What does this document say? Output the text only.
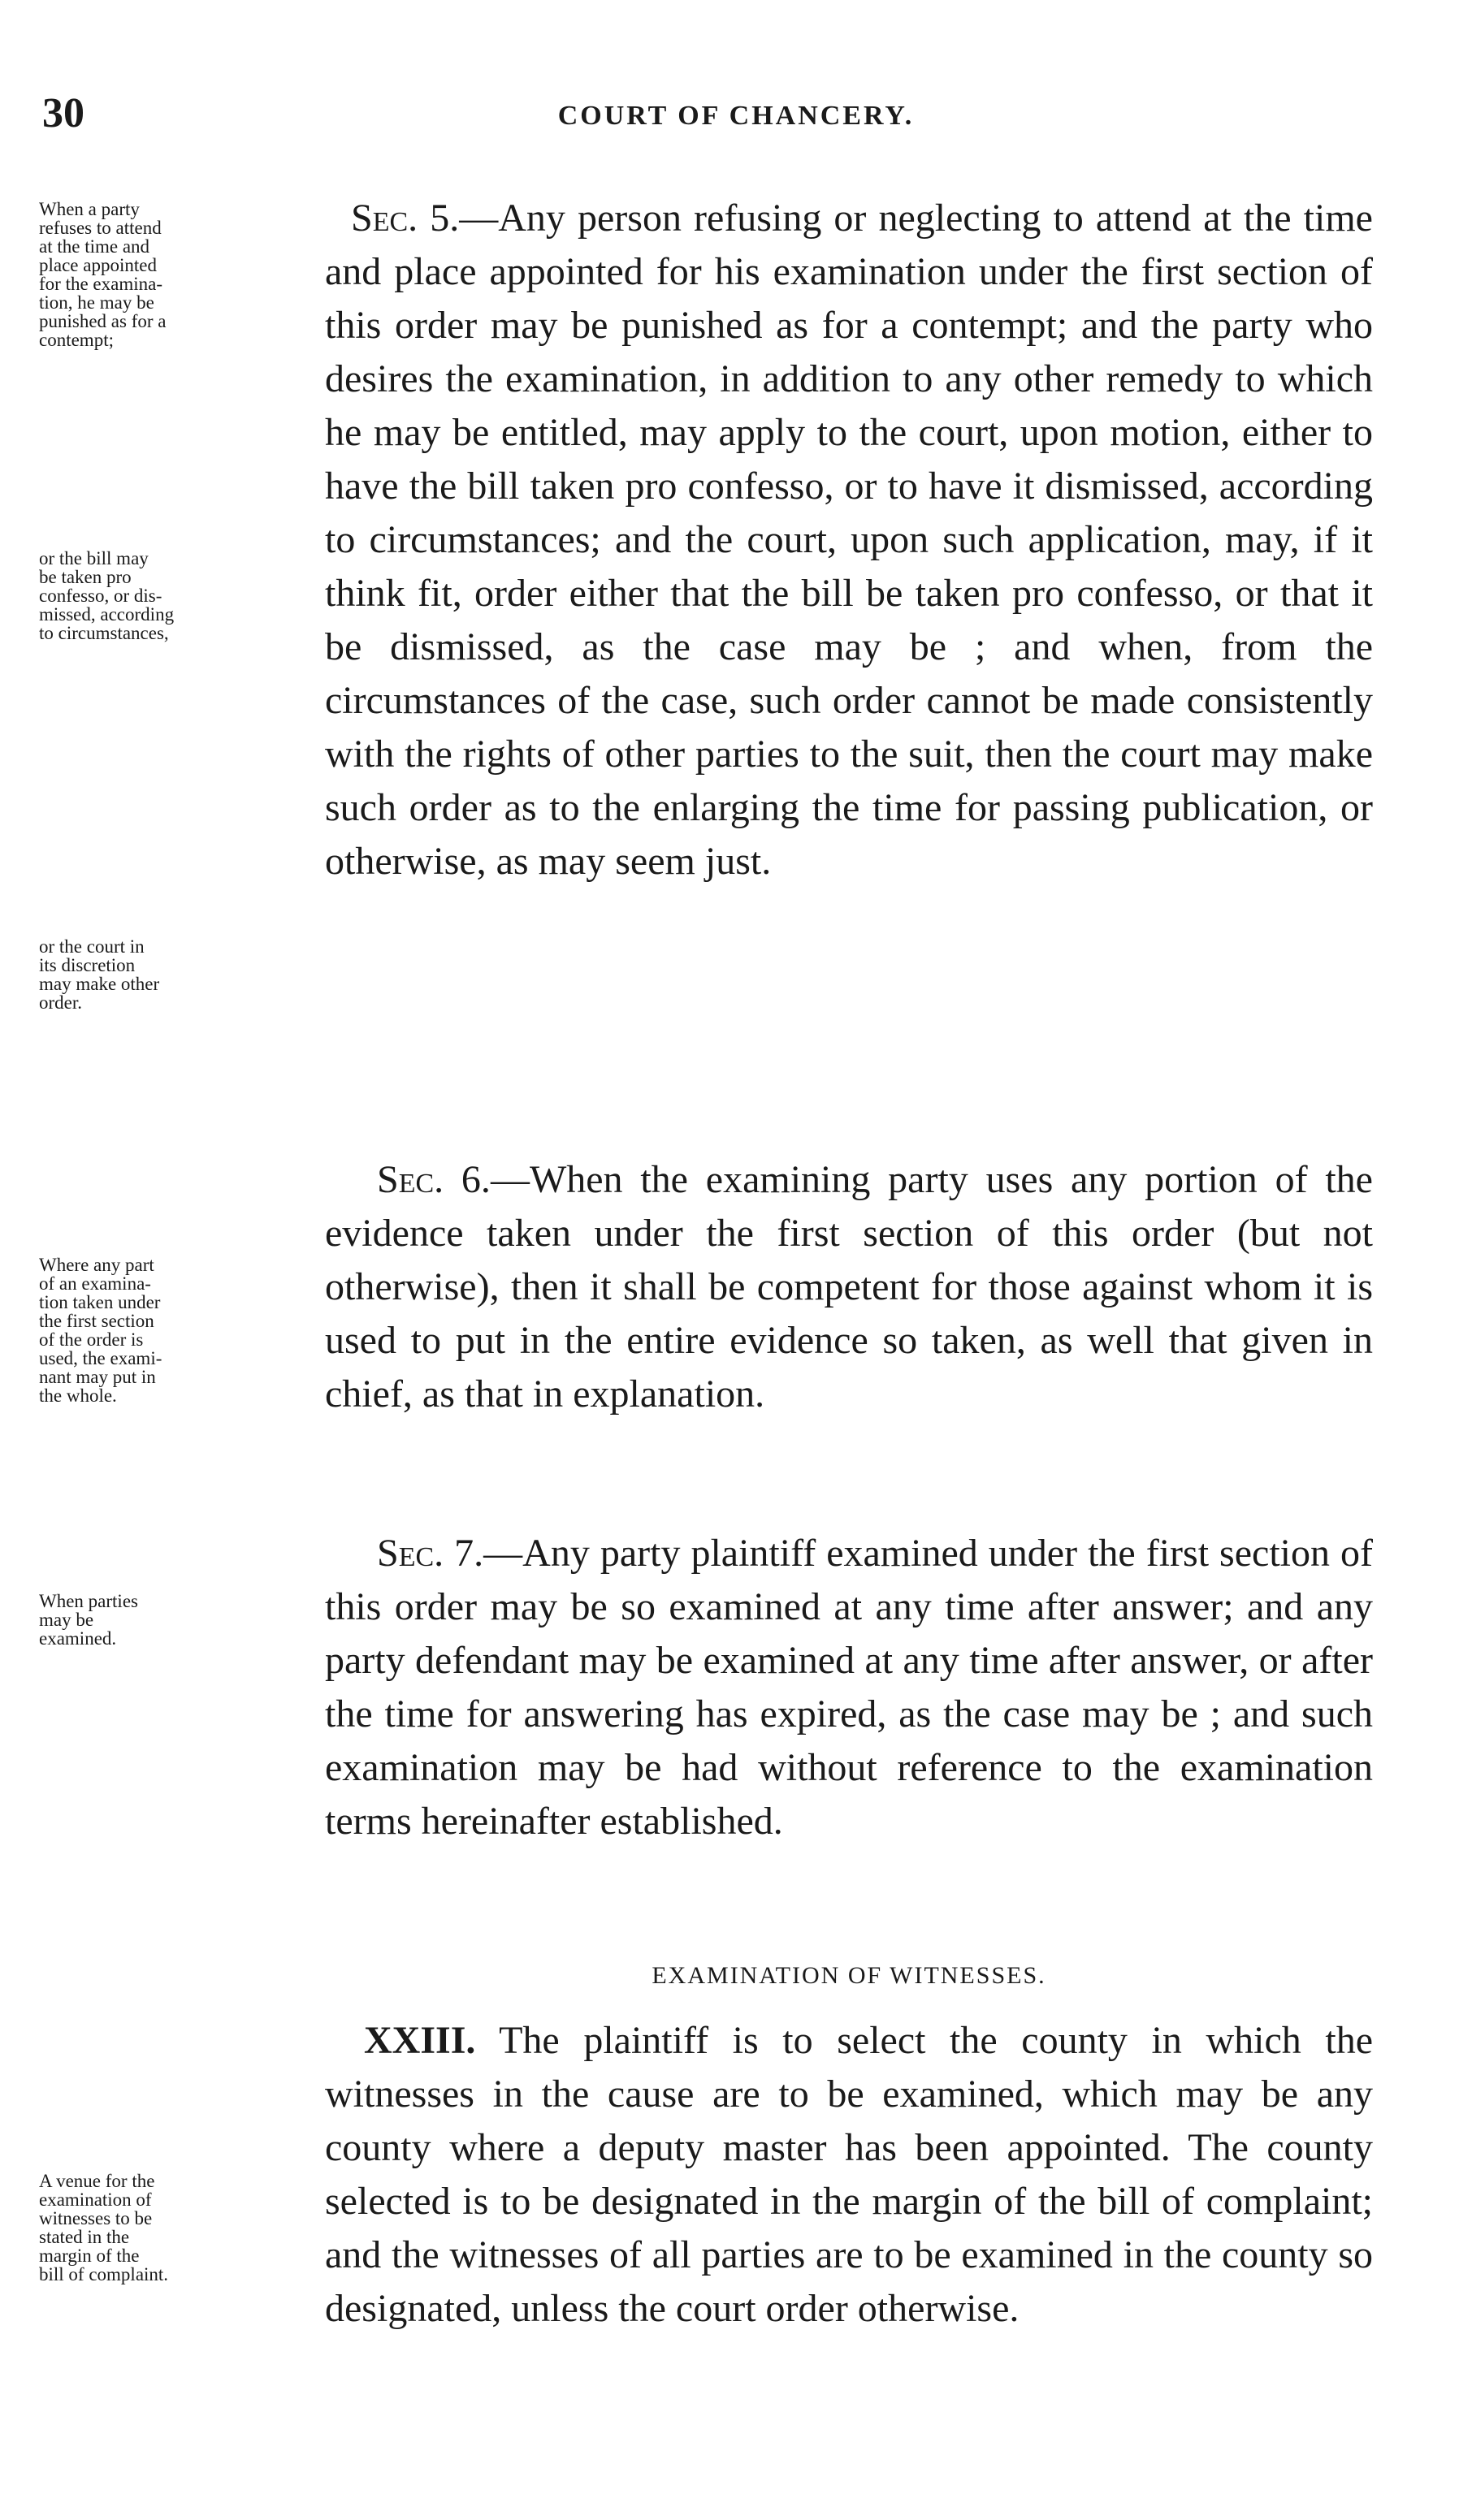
30	COURT OF CHANCERY.

Sec. 5.—Any person refusing or neglecting to attend at the time and place appointed for his examination under the first section of this order may be punished as for a contempt; and the party who desires the examination, in addition to any other remedy to which he may be entitled, may apply to the court, upon motion, either to have the bill taken pro confesso, or to have it dismissed, according to circumstances; and the court, upon such application, may, if it think fit, order either that the bill be taken pro confesso, or that it be dismissed, as the case may be ; and when, from the circumstances of the case, such order cannot be made consistently with the rights of other parties to the suit, then the court may make such order as to the enlarging the time for passing publication, or otherwise, as may seem just.

Sec. 6.—When the examining party uses any portion of the evidence taken under the first section of this order (but not otherwise), then it shall be competent for those against whom it is used to put in the entire evidence so taken, as well that given in chief, as that in explanation.

Sec. 7.—Any party plaintiff examined under the first section of this order may be so examined at any time after answer; and any party defendant may be examined at any time after answer, or after the time for answering has expired, as the case may be ; and such examination may be had without reference to the examination terms hereinafter established.

EXAMINATION OF WITNESSES.

XXIII. The plaintiff is to select the county in which the witnesses in the cause are to be examined, which may be any county where a deputy master has been appointed. The county selected is to be designated in the margin of the bill of complaint; and the witnesses of all parties are to be examined in the county so designated, unless the court order otherwise.

When a party
refuses to attend
at the time and
place appointed
for the examina-
tion, he may be
punished as for a
contempt;
or the bill may
be taken pro
confesso, or dis-
missed, according
to circumstances,
or the court in
its discretion
may make other
order.
Where any part
of an examina-
tion taken under
the first section
of the order is
used, the exami-
nant may put in
the whole.
When parties
may be
examined.
A venue for the
examination of
witnesses to be
stated in the
margin of the
bill of complaint.
